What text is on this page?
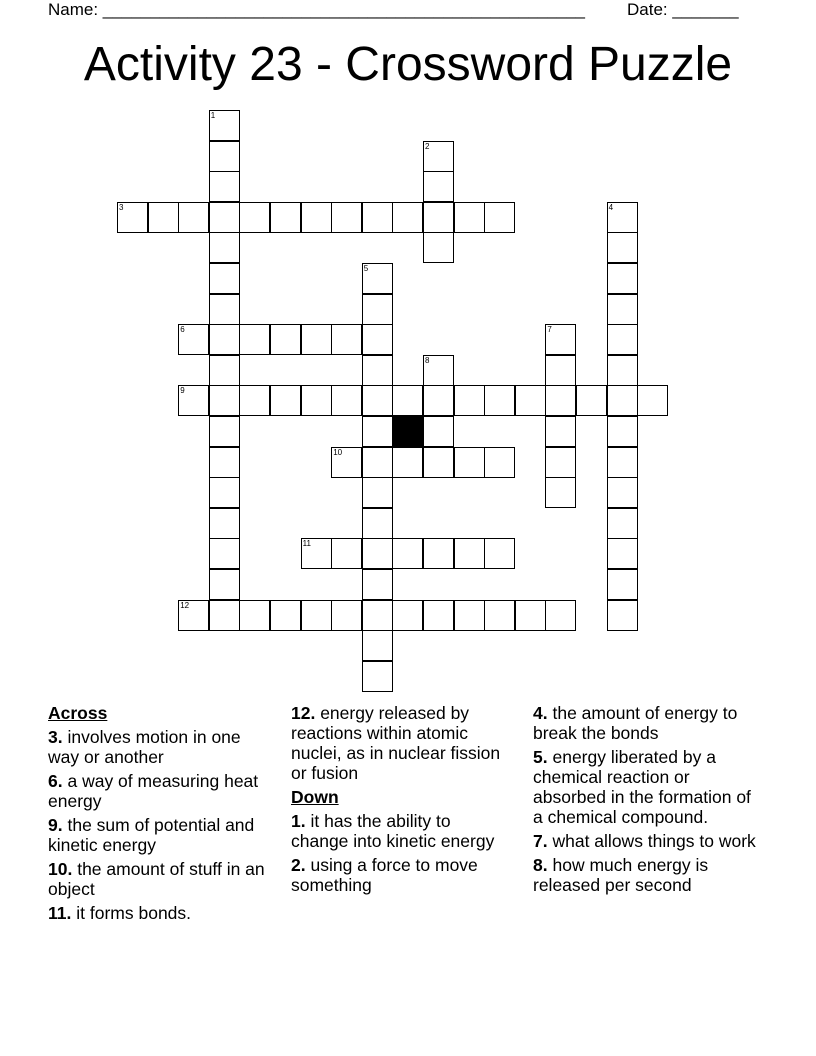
Name: ___________________________________________________ Date: _______
Activity 23 - Crossword Puzzle
1
2
3	4
5
6	7
8
9
10
11
12
Across
3. involves motion in one way or another
6. a way of measuring heat energy
9. the sum of potential and kinetic energy
10. the amount of stuff in an object
11. it forms bonds.
12. energy released by reactions within atomic nuclei, as in nuclear fission or fusion
Down
1. it has the ability to change into kinetic energy
2. using a force to move something
4. the amount of energy to break the bonds
5. energy liberated by a chemical reaction or absorbed in the formation of a chemical compound.
7. what allows things to work
8. how much energy is released per second
